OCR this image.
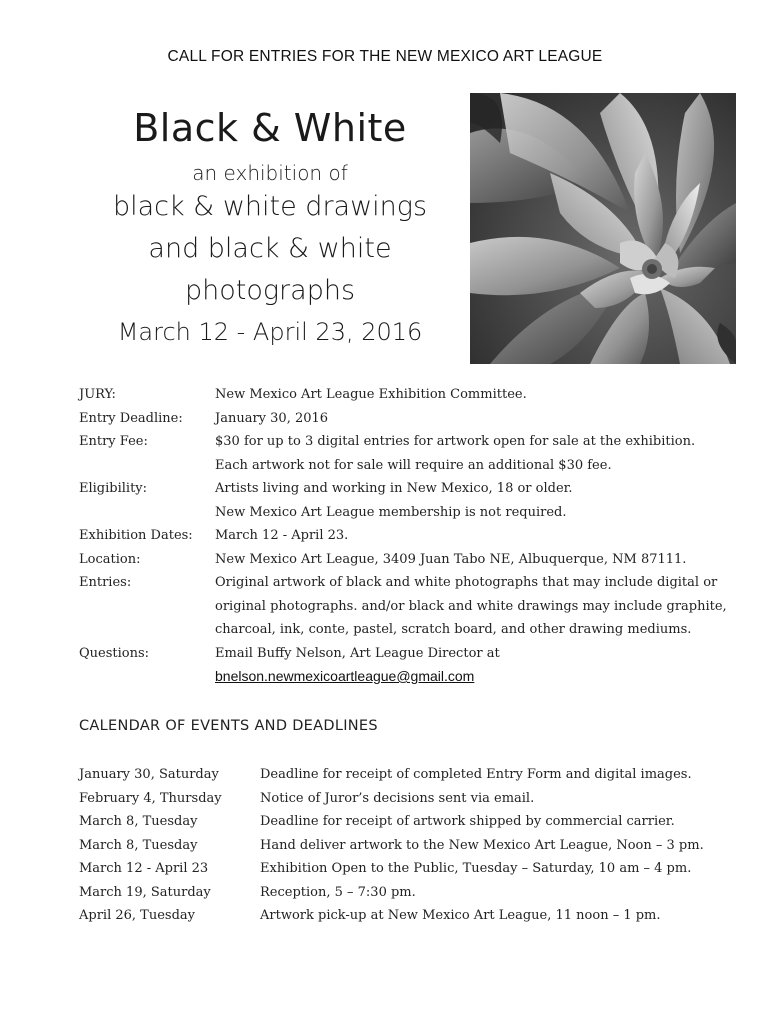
CALL FOR ENTRIES FOR THE NEW MEXICO ART LEAGUE
Black & White
an exhibition of
black & white drawings
and black & white
photographs
March 12 - April 23, 2016
JURY:	New Mexico Art League Exhibition Committee.
Entry Deadline:	January 30, 2016
Entry Fee:	$30 for up to 3 digital entries for artwork open for sale at the exhibition.
Each artwork not for sale will require an additional $30 fee.
Eligibility:	Artists living and working in New Mexico, 18 or older.
New Mexico Art League membership is not required.
Exhibition Dates:	March 12 - April 23.
Location:	New Mexico Art League, 3409 Juan Tabo NE, Albuquerque, NM 87111.
Entries:	Original artwork of black and white photographs that may include digital or
original photographs. and/or black and white drawings may include graphite,
charcoal, ink, conte, pastel, scratch board, and other drawing mediums.
Questions:	Email Buffy Nelson, Art League Director at
bnelson.newmexicoartleague@gmail.com
CALENDAR OF EVENTS AND DEADLINES
January 30, Saturday	Deadline for receipt of completed Entry Form and digital images.
February 4, Thursday	Notice of Juror’s decisions sent via email.
March 8, Tuesday	Deadline for receipt of artwork shipped by commercial carrier.
March 8, Tuesday	Hand deliver artwork to the New Mexico Art League, Noon – 3 pm.
March 12 - April 23	Exhibition Open to the Public, Tuesday – Saturday, 10 am – 4 pm.
March 19, Saturday	Reception, 5 – 7:30 pm.
April 26, Tuesday	Artwork pick-up at New Mexico Art League, 11 noon – 1 pm.
